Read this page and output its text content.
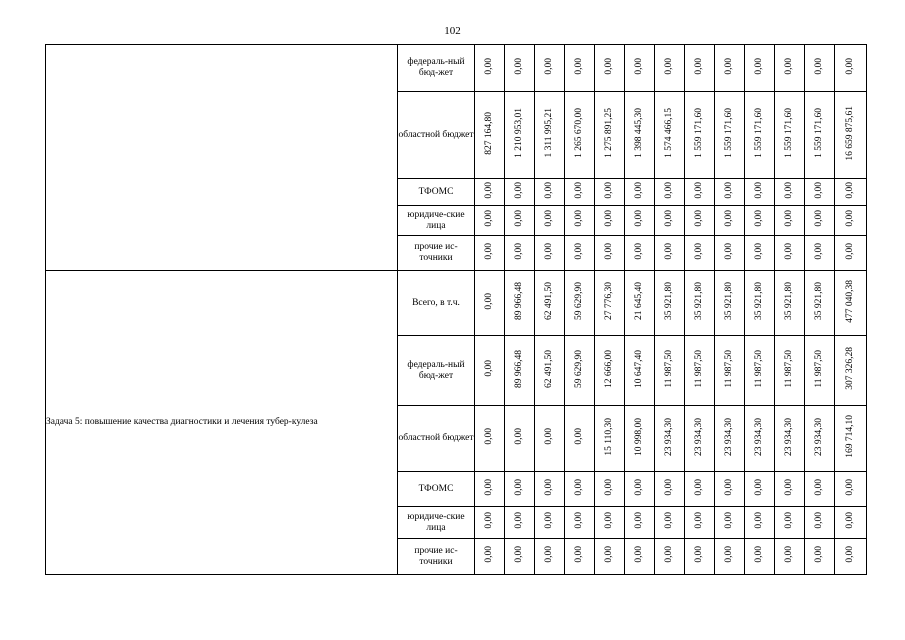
102
	федераль-ный бюд-жет	0,00	0,00	0,00	0,00	0,00	0,00	0,00	0,00	0,00	0,00	0,00	0,00	0,00
	областной бюджет	827 164,80	1 210 953,01	1 311 995,21	1 265 670,00	1 275 891,25	1 398 445,30	1 574 466,15	1 559 171,60	1 559 171,60	1 559 171,60	1 559 171,60	1 559 171,60	16 659 875,61
	ТФОМС	0,00	0,00	0,00	0,00	0,00	0,00	0,00	0,00	0,00	0,00	0,00	0,00	0,00
	юридиче-ские лица	0,00	0,00	0,00	0,00	0,00	0,00	0,00	0,00	0,00	0,00	0,00	0,00	0,00
	прочие ис-точники	0,00	0,00	0,00	0,00	0,00	0,00	0,00	0,00	0,00	0,00	0,00	0,00	0,00
Задача 5: повышение качества диагностики и лечения тубер-кулеза	Всего, в т.ч.	0,00	89 966,48	62 491,50	59 629,90	27 776,30	21 645,40	35 921,80	35 921,80	35 921,80	35 921,80	35 921,80	35 921,80	477 040,38
	федераль-ный бюд-жет	0,00	89 966,48	62 491,50	59 629,90	12 666,00	10 647,40	11 987,50	11 987,50	11 987,50	11 987,50	11 987,50	11 987,50	307 326,28
	областной бюджет	0,00	0,00	0,00	0,00	15 110,30	10 998,00	23 934,30	23 934,30	23 934,30	23 934,30	23 934,30	23 934,30	169 714,10
	ТФОМС	0,00	0,00	0,00	0,00	0,00	0,00	0,00	0,00	0,00	0,00	0,00	0,00	0,00
	юридиче-ские лица	0,00	0,00	0,00	0,00	0,00	0,00	0,00	0,00	0,00	0,00	0,00	0,00	0,00
	прочие ис-точники	0,00	0,00	0,00	0,00	0,00	0,00	0,00	0,00	0,00	0,00	0,00	0,00	0,00
